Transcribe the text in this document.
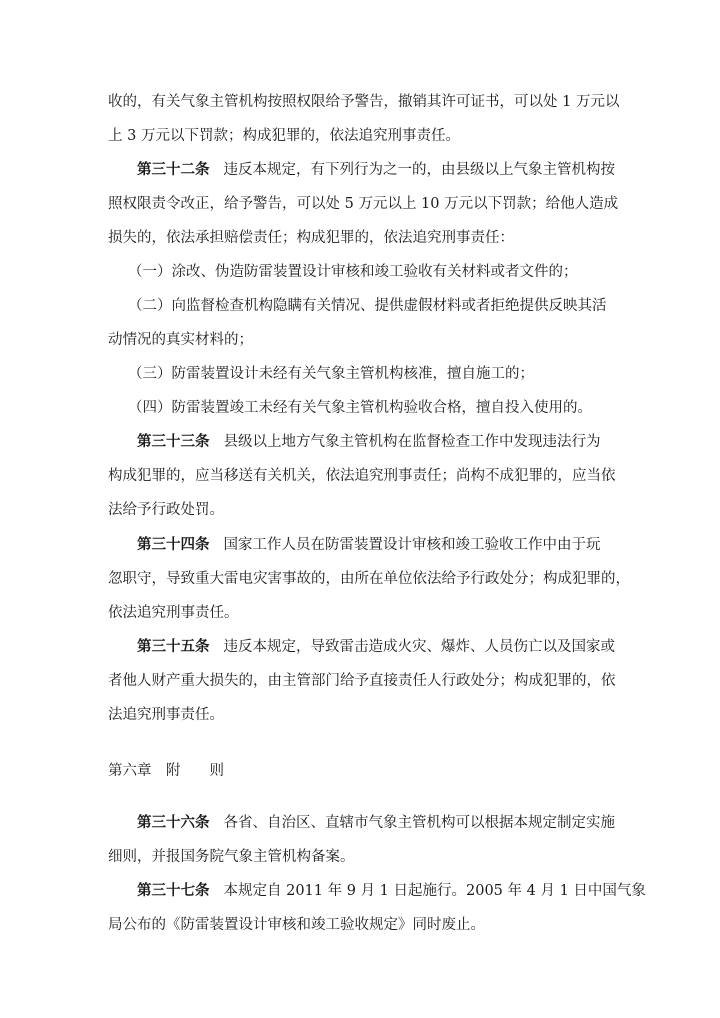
收的，有关气象主管机构按照权限给予警告，撤销其许可证书，可以处 1 万元以
上 3 万元以下罚款；构成犯罪的，依法追究刑事责任。
第三十二条 违反本规定，有下列行为之一的，由县级以上气象主管机构按
照权限责令改正，给予警告，可以处 5 万元以上 10 万元以下罚款；给他人造成
损失的，依法承担赔偿责任；构成犯罪的，依法追究刑事责任：
（一）涂改、伪造防雷装置设计审核和竣工验收有关材料或者文件的；
（二）向监督检查机构隐瞒有关情况、提供虚假材料或者拒绝提供反映其活
动情况的真实材料的；
（三）防雷装置设计未经有关气象主管机构核准，擅自施工的；
（四）防雷装置竣工未经有关气象主管机构验收合格，擅自投入使用的。
第三十三条 县级以上地方气象主管机构在监督检查工作中发现违法行为
构成犯罪的，应当移送有关机关，依法追究刑事责任；尚构不成犯罪的，应当依
法给予行政处罚。
第三十四条 国家工作人员在防雷装置设计审核和竣工验收工作中由于玩
忽职守，导致重大雷电灾害事故的，由所在单位依法给予行政处分；构成犯罪的，
依法追究刑事责任。
第三十五条 违反本规定，导致雷击造成火灾、爆炸、人员伤亡以及国家或
者他人财产重大损失的，由主管部门给予直接责任人行政处分；构成犯罪的，依
法追究刑事责任。
第六章　附　　则
第三十六条 各省、自治区、直辖市气象主管机构可以根据本规定制定实施
细则，并报国务院气象主管机构备案。
第三十七条 本规定自 2011 年 9 月 1 日起施行。2005 年 4 月 1 日中国气象
局公布的《防雷装置设计审核和竣工验收规定》同时废止。
